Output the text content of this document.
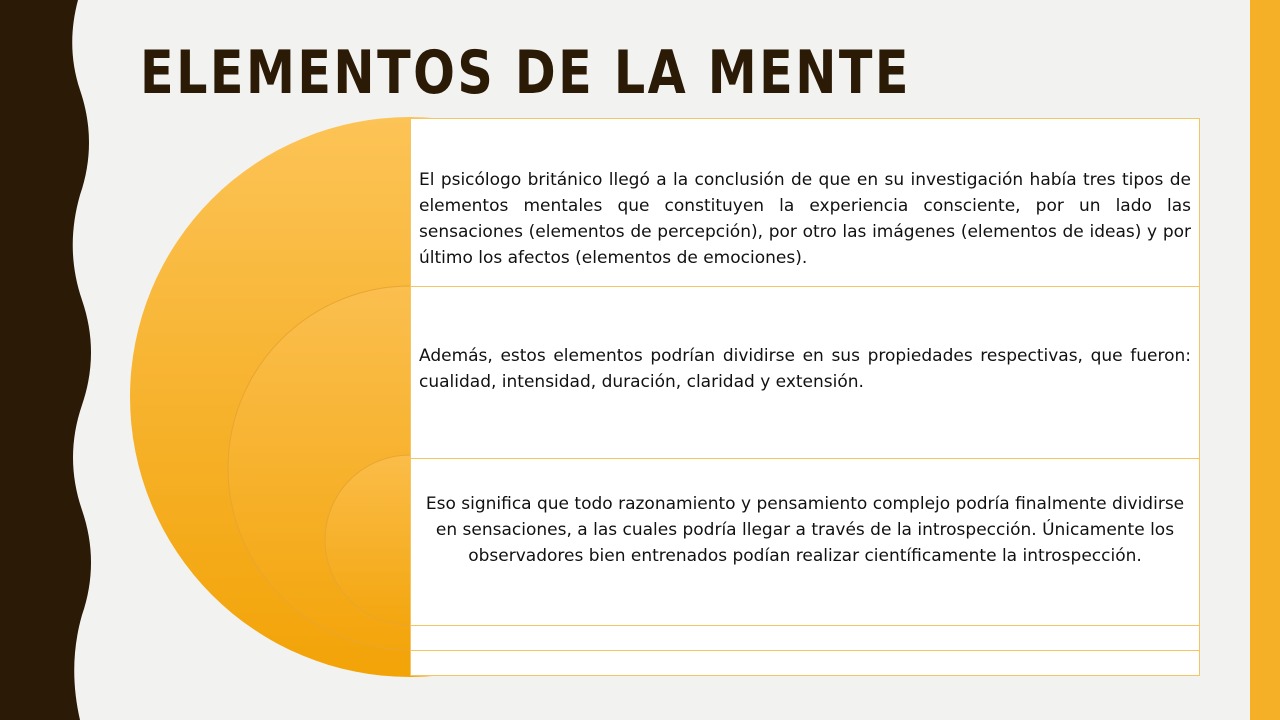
ELEMENTOS DE LA MENTE

El psicólogo británico llegó a la conclusión de que en su investigación había tres tipos de elementos mentales que constituyen la experiencia consciente, por un lado las sensaciones (elementos de percepción), por otro las imágenes (elementos de ideas) y por último los afectos (elementos de emociones).

Además, estos elementos podrían dividirse en sus propiedades respectivas, que fueron: cualidad, intensidad, duración, claridad y extensión.

Eso significa que todo razonamiento y pensamiento complejo podría finalmente dividirse en sensaciones, a las cuales podría llegar a través de la introspección. Únicamente los observadores bien entrenados podían realizar científicamente la introspección.
